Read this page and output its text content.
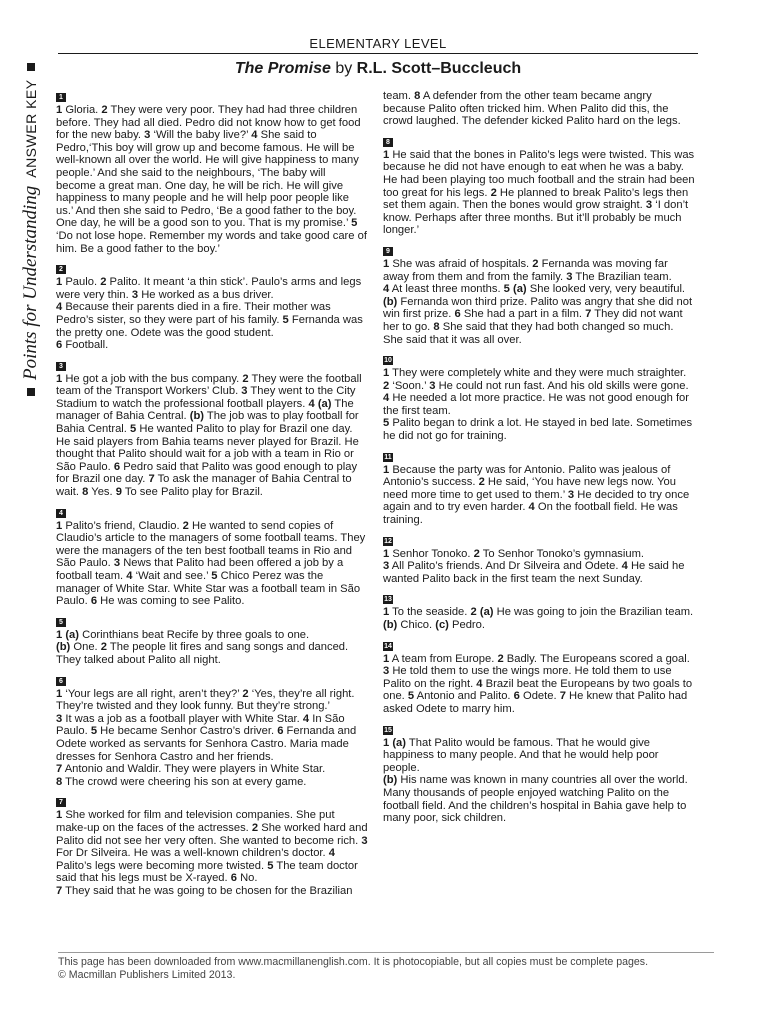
Points for Understanding
ANSWER KEY
ELEMENTARY LEVEL
The Promise by R.L. Scott–Buccleuch
1

1 Gloria. 2 They were very poor. They had had three children before. They had all died. Pedro did not know how to get food for the new baby. 3 ‘Will the baby live?’ 4 She said to Pedro,‘This boy will grow up and become famous. He will be well-known all over the world. He will give happiness to many people.’ And she said to the neighbours, ‘The baby will become a great man. One day, he will be rich. He will give happiness to many people and he will help poor people like us.’ And then she said to Pedro, ‘Be a good father to the boy. One day, he will be a good son to you. That is my promise.’ 5 ‘Do not lose hope. Remember my words and take good care of him. Be a good father to the boy.’

2

1 Paulo. 2 Palito. It meant ‘a thin stick’. Paulo’s arms and legs were very thin. 3 He worked as a bus driver.
4 Because their parents died in a fire. Their mother was Pedro’s sister, so they were part of his family. 5 Fernanda was the pretty one. Odete was the good student.
6 Football.

3

1 He got a job with the bus company. 2 They were the football team of the Transport Workers’ Club. 3 They went to the City Stadium to watch the professional football players. 4 (a) The manager of Bahia Central. (b) The job was to play football for Bahia Central. 5 He wanted Palito to play for Brazil one day. He said players from Bahia teams never played for Brazil. He thought that Palito should wait for a job with a team in Rio or São Paulo. 6 Pedro said that Palito was good enough to play for Brazil one day. 7 To ask the manager of Bahia Central to wait. 8 Yes. 9 To see Palito play for Brazil.

4

1 Palito’s friend, Claudio. 2 He wanted to send copies of Claudio’s article to the managers of some football teams. They were the managers of the ten best football teams in Rio and São Paulo. 3 News that Palito had been offered a job by a football team. 4 ‘Wait and see.’ 5 Chico Perez was the manager of White Star. White Star was a football team in São Paulo. 6 He was coming to see Palito.

5

1 (a) Corinthians beat Recife by three goals to one.
(b) One. 2 The people lit fires and sang songs and danced. They talked about Palito all night.

6

1 ‘Your legs are all right, aren’t they?’ 2 ‘Yes, they’re all right. They’re twisted and they look funny. But they’re strong.’
3 It was a job as a football player with White Star. 4 In São Paulo. 5 He became Senhor Castro’s driver. 6 Fernanda and Odete worked as servants for Senhora Castro. Maria made dresses for Senhora Castro and her friends.
7 Antonio and Waldir. They were players in White Star.
8 The crowd were cheering his son at every game.

7

1 She worked for film and television companies. She put make-up on the faces of the actresses. 2 She worked hard and Palito did not see her very often. She wanted to become rich. 3 For Dr Silveira. He was a well-known children’s doctor. 4 Palito’s legs were becoming more twisted. 5 The team doctor said that his legs must be X-rayed. 6 No.
7 They said that he was going to be chosen for the Brazilian

team. 8 A defender from the other team became angry because Palito often tricked him. When Palito did this, the crowd laughed. The defender kicked Palito hard on the legs.

8

1 He said that the bones in Palito’s legs were twisted. This was because he did not have enough to eat when he was a baby. He had been playing too much football and the strain had been too great for his legs. 2 He planned to break Palito’s legs then set them again. Then the bones would grow straight. 3 ‘I don’t know. Perhaps after three months. But it’ll probably be much longer.’

9

1 She was afraid of hospitals. 2 Fernanda was moving far away from them and from the family. 3 The Brazilian team.
4 At least three months. 5 (a) She looked very, very beautiful. (b) Fernanda won third prize. Palito was angry that she did not win first prize. 6 She had a part in a film. 7 They did not want her to go. 8 She said that they had both changed so much. She said that it was all over.

10

1 They were completely white and they were much straighter. 2 ‘Soon.’ 3 He could not run fast. And his old skills were gone. 4 He needed a lot more practice. He was not good enough for the first team.
5 Palito began to drink a lot. He stayed in bed late. Sometimes he did not go for training.

11

1 Because the party was for Antonio. Palito was jealous of Antonio’s success. 2 He said, ‘You have new legs now. You need more time to get used to them.’ 3 He decided to try once again and to try even harder. 4 On the football field. He was training.

12

1 Senhor Tonoko. 2 To Senhor Tonoko’s gymnasium.
3 All Palito’s friends. And Dr Silveira and Odete. 4 He said he wanted Palito back in the first team the next Sunday.

13

1 To the seaside. 2 (a) He was going to join the Brazilian team. (b) Chico. (c) Pedro.

14

1 A team from Europe. 2 Badly. The Europeans scored a goal. 3 He told them to use the wings more. He told them to use Palito on the right. 4 Brazil beat the Europeans by two goals to one. 5 Antonio and Palito. 6 Odete. 7 He knew that Palito had asked Odete to marry him.

15

1 (a) That Palito would be famous. That he would give happiness to many people. And that he would help poor people.
(b) His name was known in many countries all over the world. Many thousands of people enjoyed watching Palito on the football field. And the children’s hospital in Bahia gave help to many poor, sick children.

This page has been downloaded from www.macmillanenglish.com. It is photocopiable, but all copies must be complete pages.
© Macmillan Publishers Limited 2013.
